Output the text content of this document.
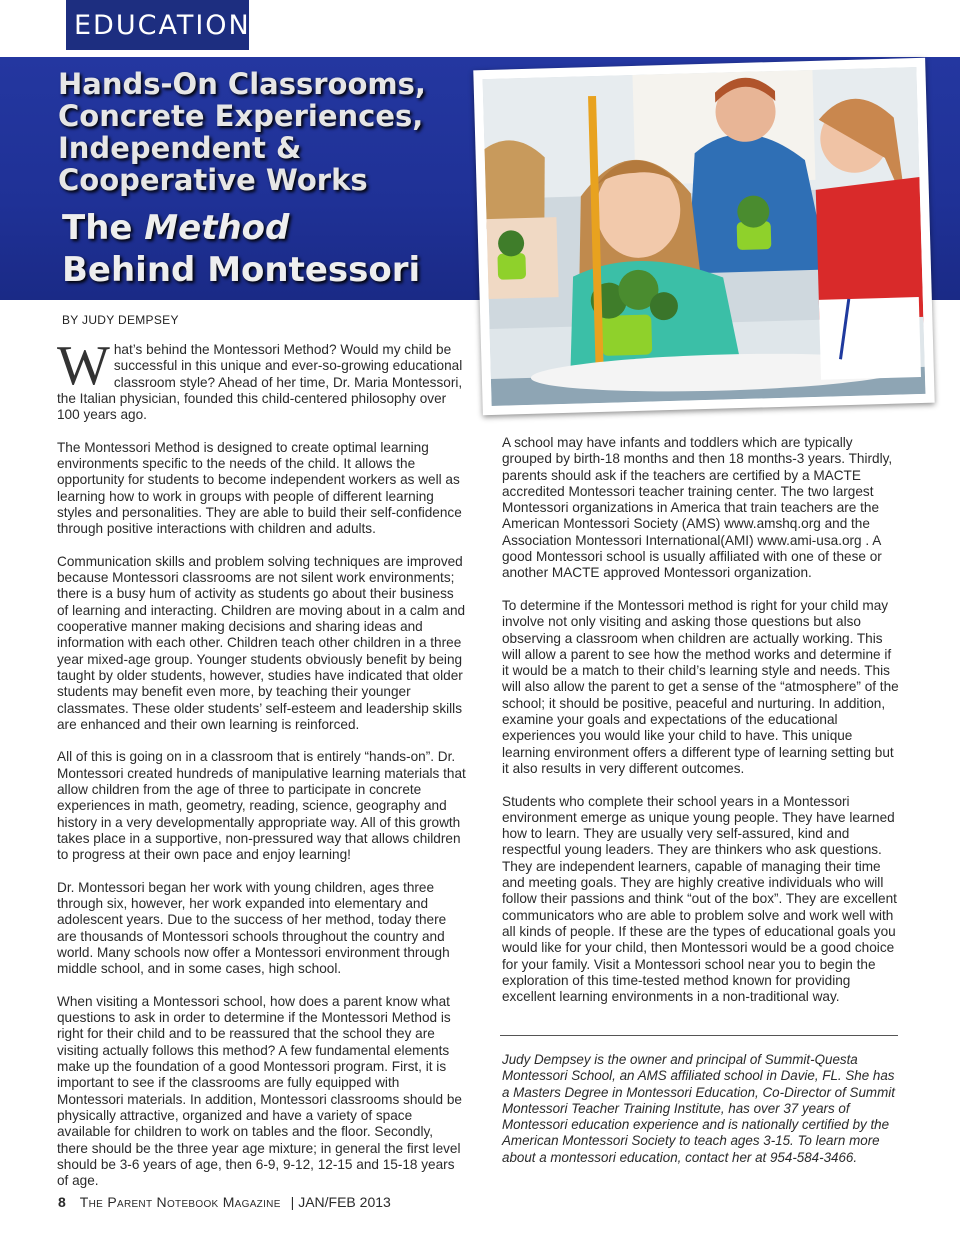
EDUCATION
Hands-On Classrooms, Concrete Experiences, Independent & Cooperative Works
The Method
Behind Montessori
BY JUDY DEMPSEY

What’s behind the Montessori Method? Would my child be successful in this unique and ever-so-growing educational classroom style? Ahead of her time, Dr. Maria Montessori, the Italian physician, founded this child-centered philosophy over 100 years ago.

The Montessori Method is designed to create optimal learning environments specific to the needs of the child. It allows the opportunity for students to become independent workers as well as learning how to work in groups with people of different learning styles and personalities. They are able to build their self-confidence through positive interactions with children and adults.

Communication skills and problem solving techniques are improved because Montessori classrooms are not silent work environments; there is a busy hum of activity as students go about their business of learning and interacting. Children are moving about in a calm and cooperative manner making decisions and sharing ideas and information with each other. Children teach other children in a three year mixed-age group. Younger students obviously benefit by being taught by older students, however, studies have indicated that older students may benefit even more, by teaching their younger classmates. These older students’ self-esteem and leadership skills are enhanced and their own learning is reinforced.

All of this is going on in a classroom that is entirely “hands-on”. Dr. Montessori created hundreds of manipulative learning materials that allow children from the age of three to participate in concrete experiences in math, geometry, reading, science, geography and history in a very developmentally appropriate way. All of this growth takes place in a supportive, non-pressured way that allows children to progress at their own pace and enjoy learning!

Dr. Montessori began her work with young children, ages three through six, however, her work expanded into elementary and adolescent years. Due to the success of her method, today there are thousands of Montessori schools throughout the country and world. Many schools now offer a Montessori environment through middle school, and in some cases, high school.

When visiting a Montessori school, how does a parent know what questions to ask in order to determine if the Montessori Method is right for their child and to be reassured that the school they are visiting actually follows this method? A few fundamental elements make up the foundation of a good Montessori program. First, it is important to see if the classrooms are fully equipped with Montessori materials. In addition, Montessori classrooms should be physically attractive, organized and have a variety of space available for children to work on tables and the floor. Secondly, there should be the three year age mixture; in general the first level should be 3-6 years of age, then 6-9, 9-12, 12-15 and 15-18 years of age.

A school may have infants and toddlers which are typically grouped by birth-18 months and then 18 months-3 years. Thirdly, parents should ask if the teachers are certified by a MACTE accredited Montessori teacher training center. The two largest Montessori organizations in America that train teachers are the American Montessori Society (AMS) www.amshq.org and the Association Montessori International(AMI) www.ami-usa.org . A good Montessori school is usually affiliated with one of these or another MACTE approved Montessori organization.

To determine if the Montessori method is right for your child may involve not only visiting and asking those questions but also observing a classroom when children are actually working. This will allow a parent to see how the method works and determine if it would be a match to their child’s learning style and needs. This will also allow the parent to get a sense of the “atmosphere” of the school; it should be positive, peaceful and nurturing. In addition, examine your goals and expectations of the educational experiences you would like your child to have. This unique learning environment offers a different type of learning setting but it also results in very different outcomes.

Students who complete their school years in a Montessori environment emerge as unique young people. They have learned how to learn. They are usually very self-assured, kind and respectful young leaders. They are thinkers who ask questions. They are independent learners, capable of managing their time and meeting goals. They are highly creative individuals who will follow their passions and think “out of the box”. They are excellent communicators who are able to problem solve and work well with all kinds of people. If these are the types of educational goals you would like for your child, then Montessori would be a good choice for your family. Visit a Montessori school near you to begin the exploration of this time-tested method known for providing excellent learning environments in a non-traditional way.

Judy Dempsey is the owner and principal of Summit-Questa Montessori School, an AMS affiliated school in Davie, FL. She has a Masters Degree in Montessori Education, Co-Director of Summit Montessori Teacher Training Institute, has over 37 years of Montessori education experience and is nationally certified by the American Montessori Society to teach ages 3-15. To learn more about a montessori education, contact her at 954-584-3466.
8 The Parent Notebook Magazine | JAN/FEB 2013
